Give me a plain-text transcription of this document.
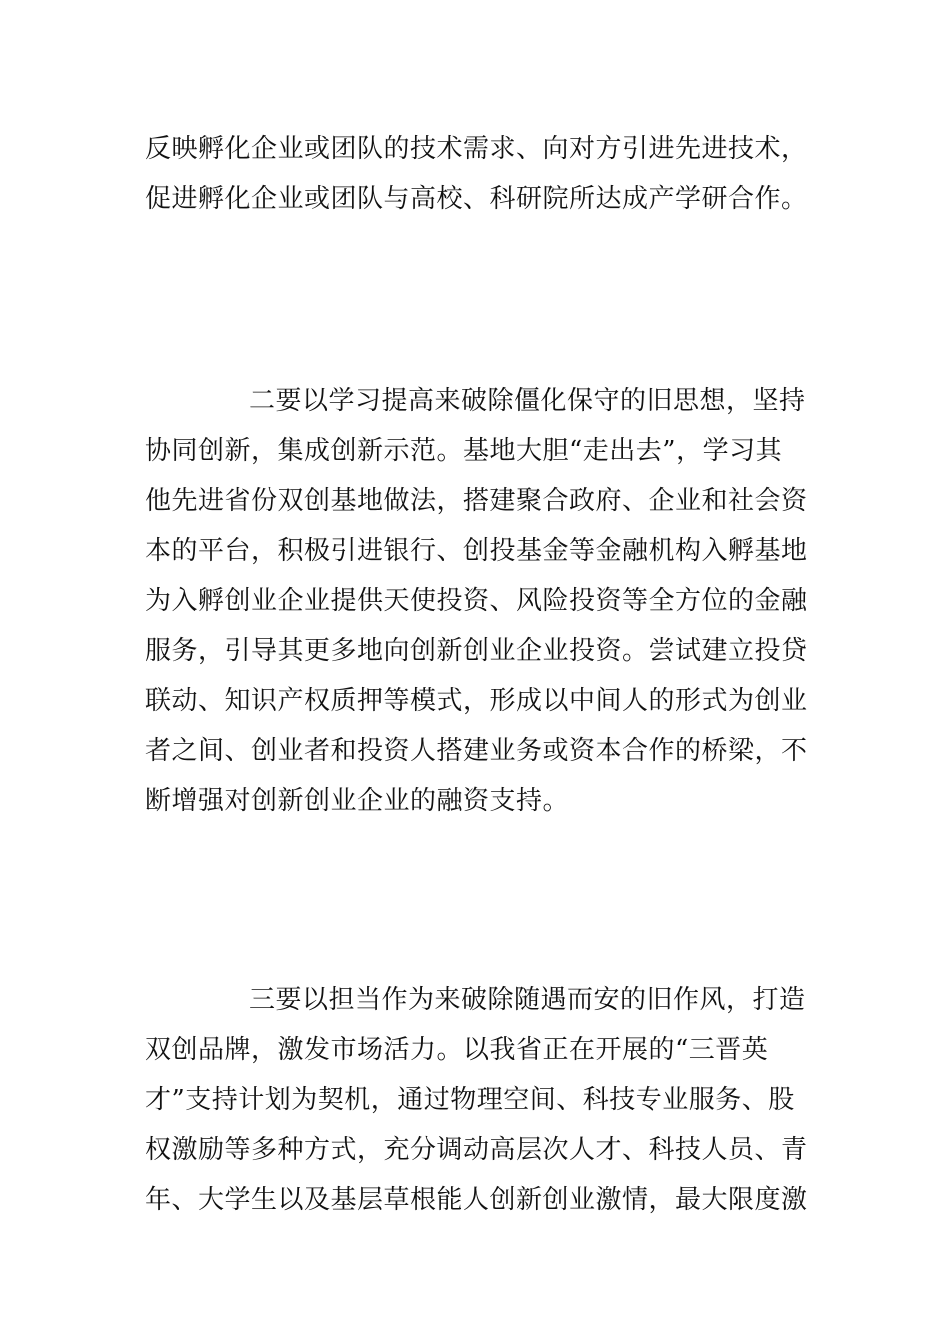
反映孵化企业或团队的技术需求、向对方引进先进技术，
促进孵化企业或团队与高校、科研院所达成产学研合作。

二要以学习提高来破除僵化保守的旧思想，坚持
协同创新，集成创新示范。基地大胆“走出去”，学习其
他先进省份双创基地做法，搭建聚合政府、企业和社会资
本的平台，积极引进银行、创投基金等金融机构入孵基地
为入孵创业企业提供天使投资、风险投资等全方位的金融
服务，引导其更多地向创新创业企业投资。尝试建立投贷
联动、知识产权质押等模式，形成以中间人的形式为创业
者之间、创业者和投资人搭建业务或资本合作的桥梁，不
断增强对创新创业企业的融资支持。

三要以担当作为来破除随遇而安的旧作风，打造
双创品牌，激发市场活力。以我省正在开展的“三晋英
才”支持计划为契机，通过物理空间、科技专业服务、股
权激励等多种方式，充分调动高层次人才、科技人员、青
年、大学生以及基层草根能人创新创业激情，最大限度激
